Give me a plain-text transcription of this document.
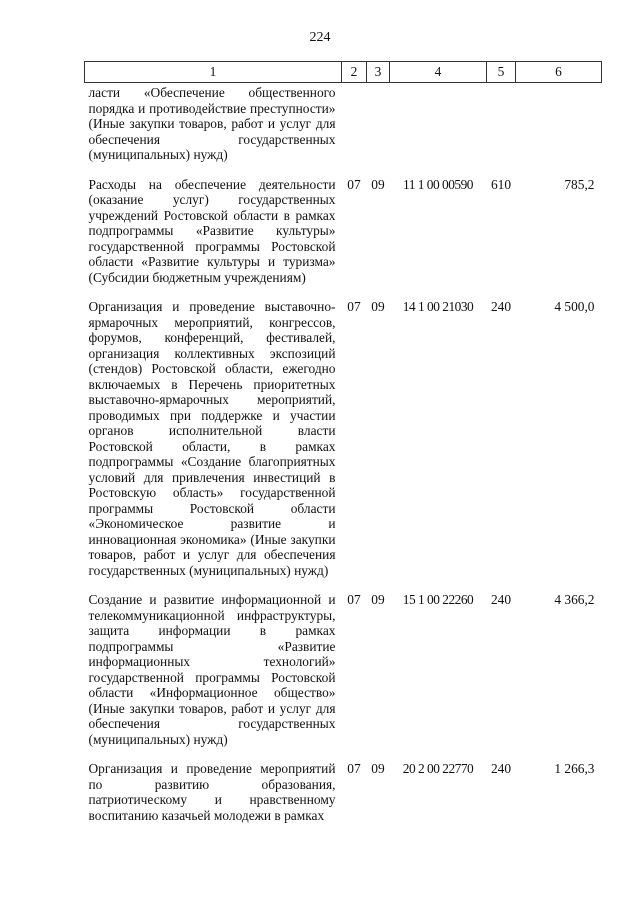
224
1	2	3	4	5	6
ласти «Обеспечение общественного порядка и противодействие преступности» (Иные закупки товаров, работ и услуг для обеспечения государственных (муниципальных) нужд)					
Расходы на обеспечение деятельности (оказание услуг) государственных учреждений Ростовской области в рамках подпрограммы «Развитие культуры» государственной программы Ростовской области «Развитие культуры и туризма» (Субсидии бюджетным учреждениям)	07	09	11 1 00 00590	610	785,2
Организация и проведение выставочно-ярмарочных мероприятий, конгрессов, форумов, конференций, фестивалей, организация коллективных экспозиций (стендов) Ростовской области, ежегодно включаемых в Перечень приоритетных выставочно-ярмарочных мероприятий, проводимых при поддержке и участии органов исполнительной власти Ростовской области, в рамках подпрограммы «Создание благоприятных условий для привлечения инвестиций в Ростовскую область» государственной программы Ростовской области «Экономическое развитие и инновационная экономика» (Иные закупки товаров, работ и услуг для обеспечения государственных (муниципальных) нужд)	07	09	14 1 00 21030	240	4 500,0
Создание и развитие информационной и телекоммуникационной инфраструктуры, защита информации в рамках подпрограммы «Развитие информационных технологий» государственной программы Ростовской области «Информационное общество» (Иные закупки товаров, работ и услуг для обеспечения государственных (муниципальных) нужд)	07	09	15 1 00 22260	240	4 366,2
Организация и проведение мероприятий по развитию образования, патриотическому и нравственному воспитанию казачьей молодежи в рамках	07	09	20 2 00 22770	240	1 266,3
